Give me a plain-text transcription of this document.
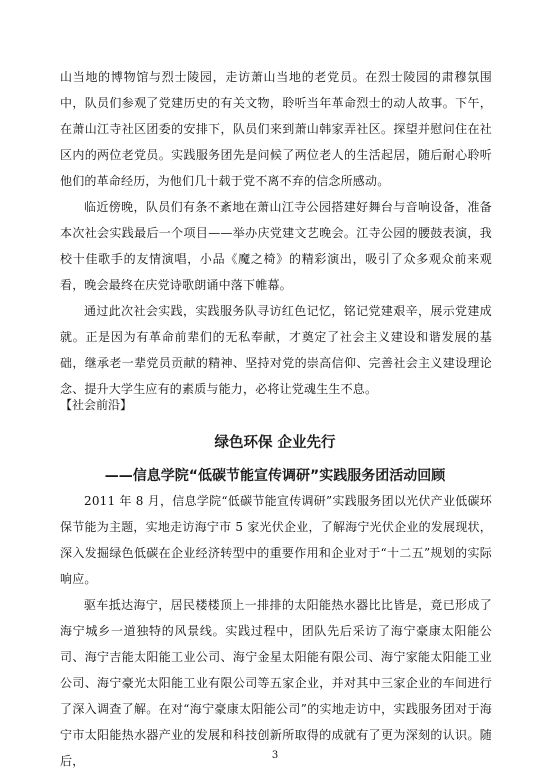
山当地的博物馆与烈士陵园，走访萧山当地的老党员。在烈士陵园的肃穆氛围中，队员们参观了党建历史的有关文物，聆听当年革命烈士的动人故事。下午，在萧山江寺社区团委的安排下，队员们来到萧山韩家弄社区。探望并慰问住在社区内的两位老党员。实践服务团先是问候了两位老人的生活起居，随后耐心聆听他们的革命经历，为他们几十载于党不离不弃的信念所感动。

临近傍晚，队员们有条不紊地在萧山江寺公园搭建好舞台与音响设备，准备本次社会实践最后一个项目——举办庆党建文艺晚会。江寺公园的腰鼓表演，我校十佳歌手的友情演唱，小品《魔之椅》的精彩演出，吸引了众多观众前来观看，晚会最终在庆党诗歌朗诵中落下帷幕。

通过此次社会实践，实践服务队寻访红色记忆，铭记党建艰辛，展示党建成就。正是因为有革命前辈们的无私奉献，才奠定了社会主义建设和谐发展的基础，继承老一辈党员贡献的精神、坚持对党的崇高信仰、完善社会主义建设理论念、提升大学生应有的素质与能力，必将让党魂生生不息。

【社会前沿】

绿色环保 企业先行
——信息学院“低碳节能宣传调研”实践服务团活动回顾

2011 年 8 月，信息学院“低碳节能宣传调研”实践服务团以光伏产业低碳环保节能为主题，实地走访海宁市 5 家光伏企业，了解海宁光伏企业的发展现状，深入发掘绿色低碳在企业经济转型中的重要作用和企业对于“十二五”规划的实际响应。

驱车抵达海宁，居民楼楼顶上一排排的太阳能热水器比比皆是，竟已形成了海宁城乡一道独特的风景线。实践过程中，团队先后采访了海宁豪康太阳能公司、海宁吉能太阳能工业公司、海宁金星太阳能有限公司、海宁家能太阳能工业公司、海宁豪光太阳能工业有限公司等五家企业，并对其中三家企业的车间进行了深入调查了解。在对“海宁豪康太阳能公司”的实地走访中，实践服务团对于海宁市太阳能热水器产业的发展和科技创新所取得的成就有了更为深刻的认识。随后，	3
